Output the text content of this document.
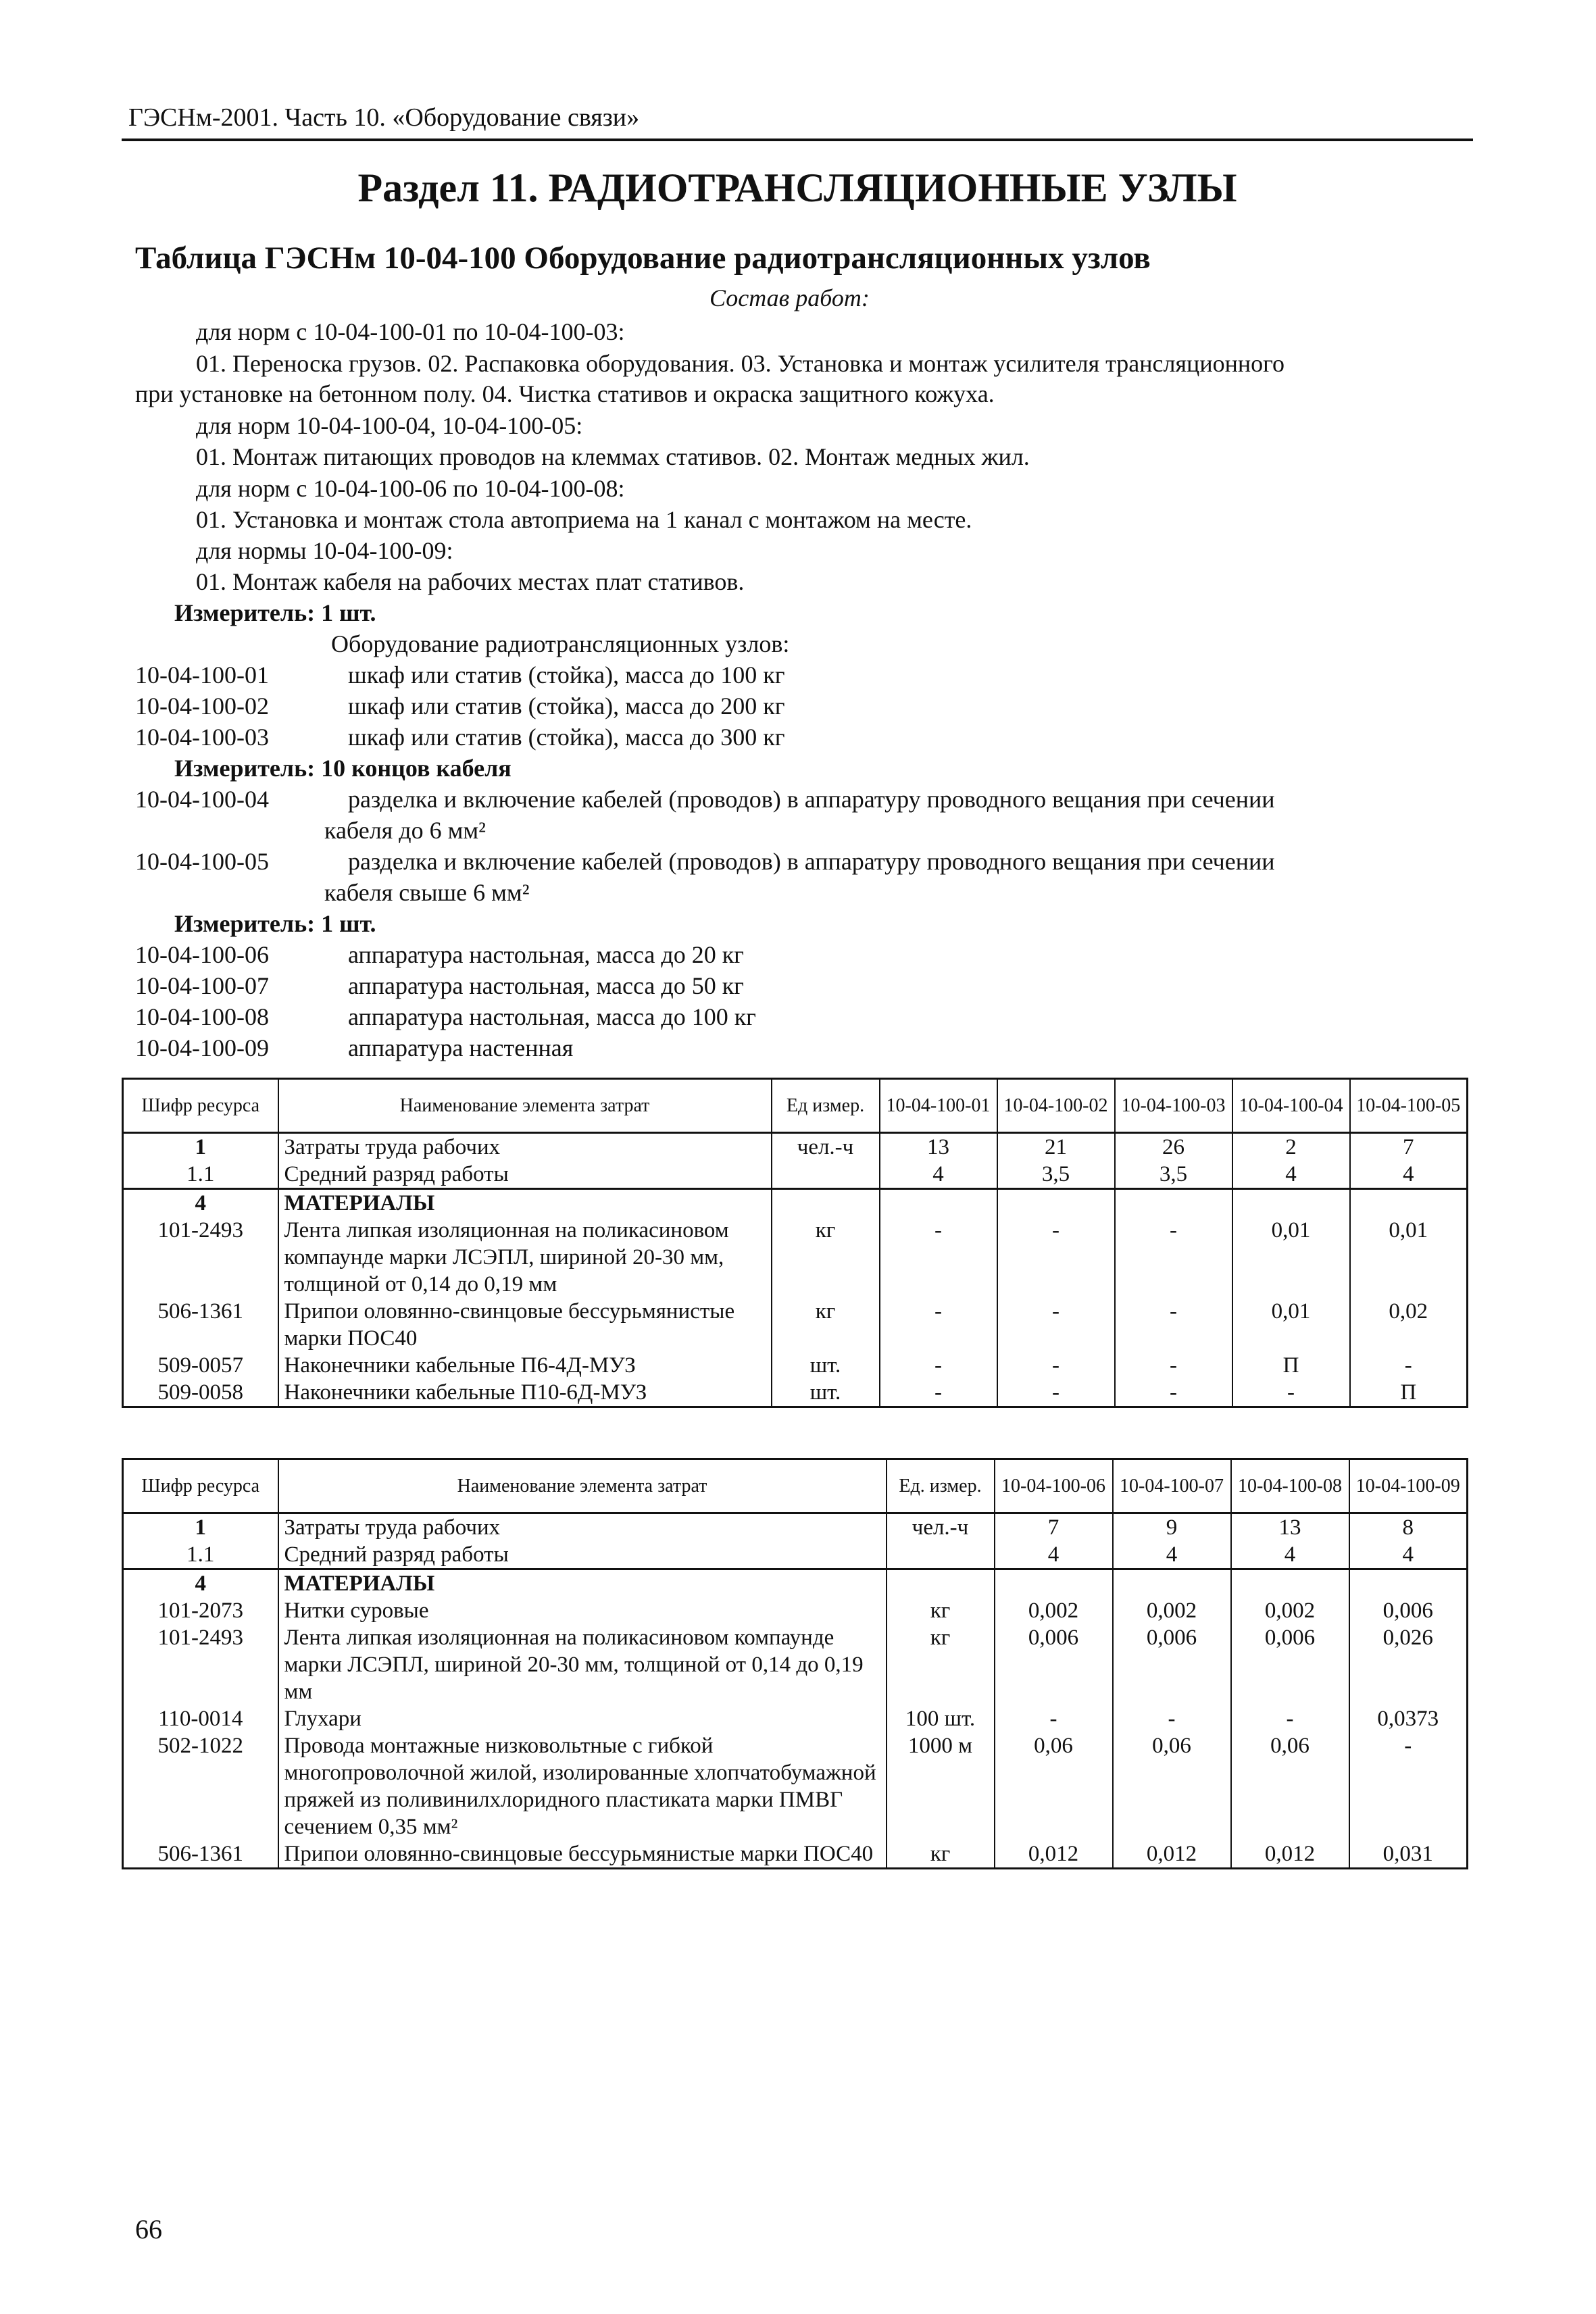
ГЭСНм-2001. Часть 10. «Оборудование связи»
Раздел 11. РАДИОТРАНСЛЯЦИОННЫЕ УЗЛЫ
Таблица ГЭСНм 10-04-100 Оборудование радиотрансляционных узлов
Состав работ:
для норм с 10-04-100-01 по 10-04-100-03:
01. Переноска грузов. 02. Распаковка оборудования. 03. Установка и монтаж усилителя трансляционного
при установке на бетонном полу. 04. Чистка стативов и окраска защитного кожуха.
для норм 10-04-100-04, 10-04-100-05:
01. Монтаж питающих проводов на клеммах стативов. 02. Монтаж медных жил.
для норм с 10-04-100-06 по 10-04-100-08:
01. Установка и монтаж стола автоприема на 1 канал с монтажом на месте.
для нормы 10-04-100-09:
01. Монтаж кабеля на рабочих местах плат стативов.
Измеритель: 1 шт.
Оборудование радиотрансляционных узлов:
10-04-100-01	шкаф или статив (стойка), масса до 100 кг
10-04-100-02	шкаф или статив (стойка), масса до 200 кг
10-04-100-03	шкаф или статив (стойка), масса до 300 кг
Измеритель: 10 концов кабеля
10-04-100-04	разделка и включение кабелей (проводов) в аппаратуру проводного вещания при сечении
кабеля до 6 мм²
10-04-100-05	разделка и включение кабелей (проводов) в аппаратуру проводного вещания при сечении
кабеля свыше 6 мм²
Измеритель: 1 шт.
10-04-100-06	аппаратура настольная, масса до 20 кг
10-04-100-07	аппаратура настольная, масса до 50 кг
10-04-100-08	аппаратура настольная, масса до 100 кг
10-04-100-09	аппаратура настенная
Шифр ресурса	Наименование элемента затрат	Ед измер.	10-04-100-01	10-04-100-02	10-04-100-03	10-04-100-04	10-04-100-05
1	Затраты труда рабочих	чел.-ч	13	21	26	2	7
1.1	Средний разряд работы		4	3,5	3,5	4	4
4	МАТЕРИАЛЫ						
101-2493	Лента липкая изоляционная на поликасиновом компаунде марки ЛСЭПЛ, шириной 20-30 мм, толщиной от 0,14 до 0,19 мм	кг	-	-	-	0,01	0,01
506-1361	Припои оловянно-свинцовые бессурьмянистые марки ПОС40	кг	-	-	-	0,01	0,02
509-0057	Наконечники кабельные П6-4Д-МУЗ	шт.	-	-	-	П	-
509-0058	Наконечники кабельные П10-6Д-МУЗ	шт.	-	-	-	-	П
Шифр ресурса	Наименование элемента затрат	Ед. измер.	10-04-100-06	10-04-100-07	10-04-100-08	10-04-100-09
1	Затраты труда рабочих	чел.-ч	7	9	13	8
1.1	Средний разряд работы		4	4	4	4
4	МАТЕРИАЛЫ					
101-2073	Нитки суровые	кг	0,002	0,002	0,002	0,006
101-2493	Лента липкая изоляционная на поликасиновом компаунде марки ЛСЭПЛ, шириной 20-30 мм, толщиной от 0,14 до 0,19 мм	кг	0,006	0,006	0,006	0,026
110-0014	Глухари	100 шт.	-	-	-	0,0373
502-1022	Провода монтажные низковольтные с гибкой многопроволочной жилой, изолированные хлопчатобумажной пряжей из поливинилхлоридного пластиката марки ПМВГ сечением 0,35 мм²	1000 м	0,06	0,06	0,06	-
506-1361	Припои оловянно-свинцовые бессурьмянистые марки ПОС40	кг	0,012	0,012	0,012	0,031
66
